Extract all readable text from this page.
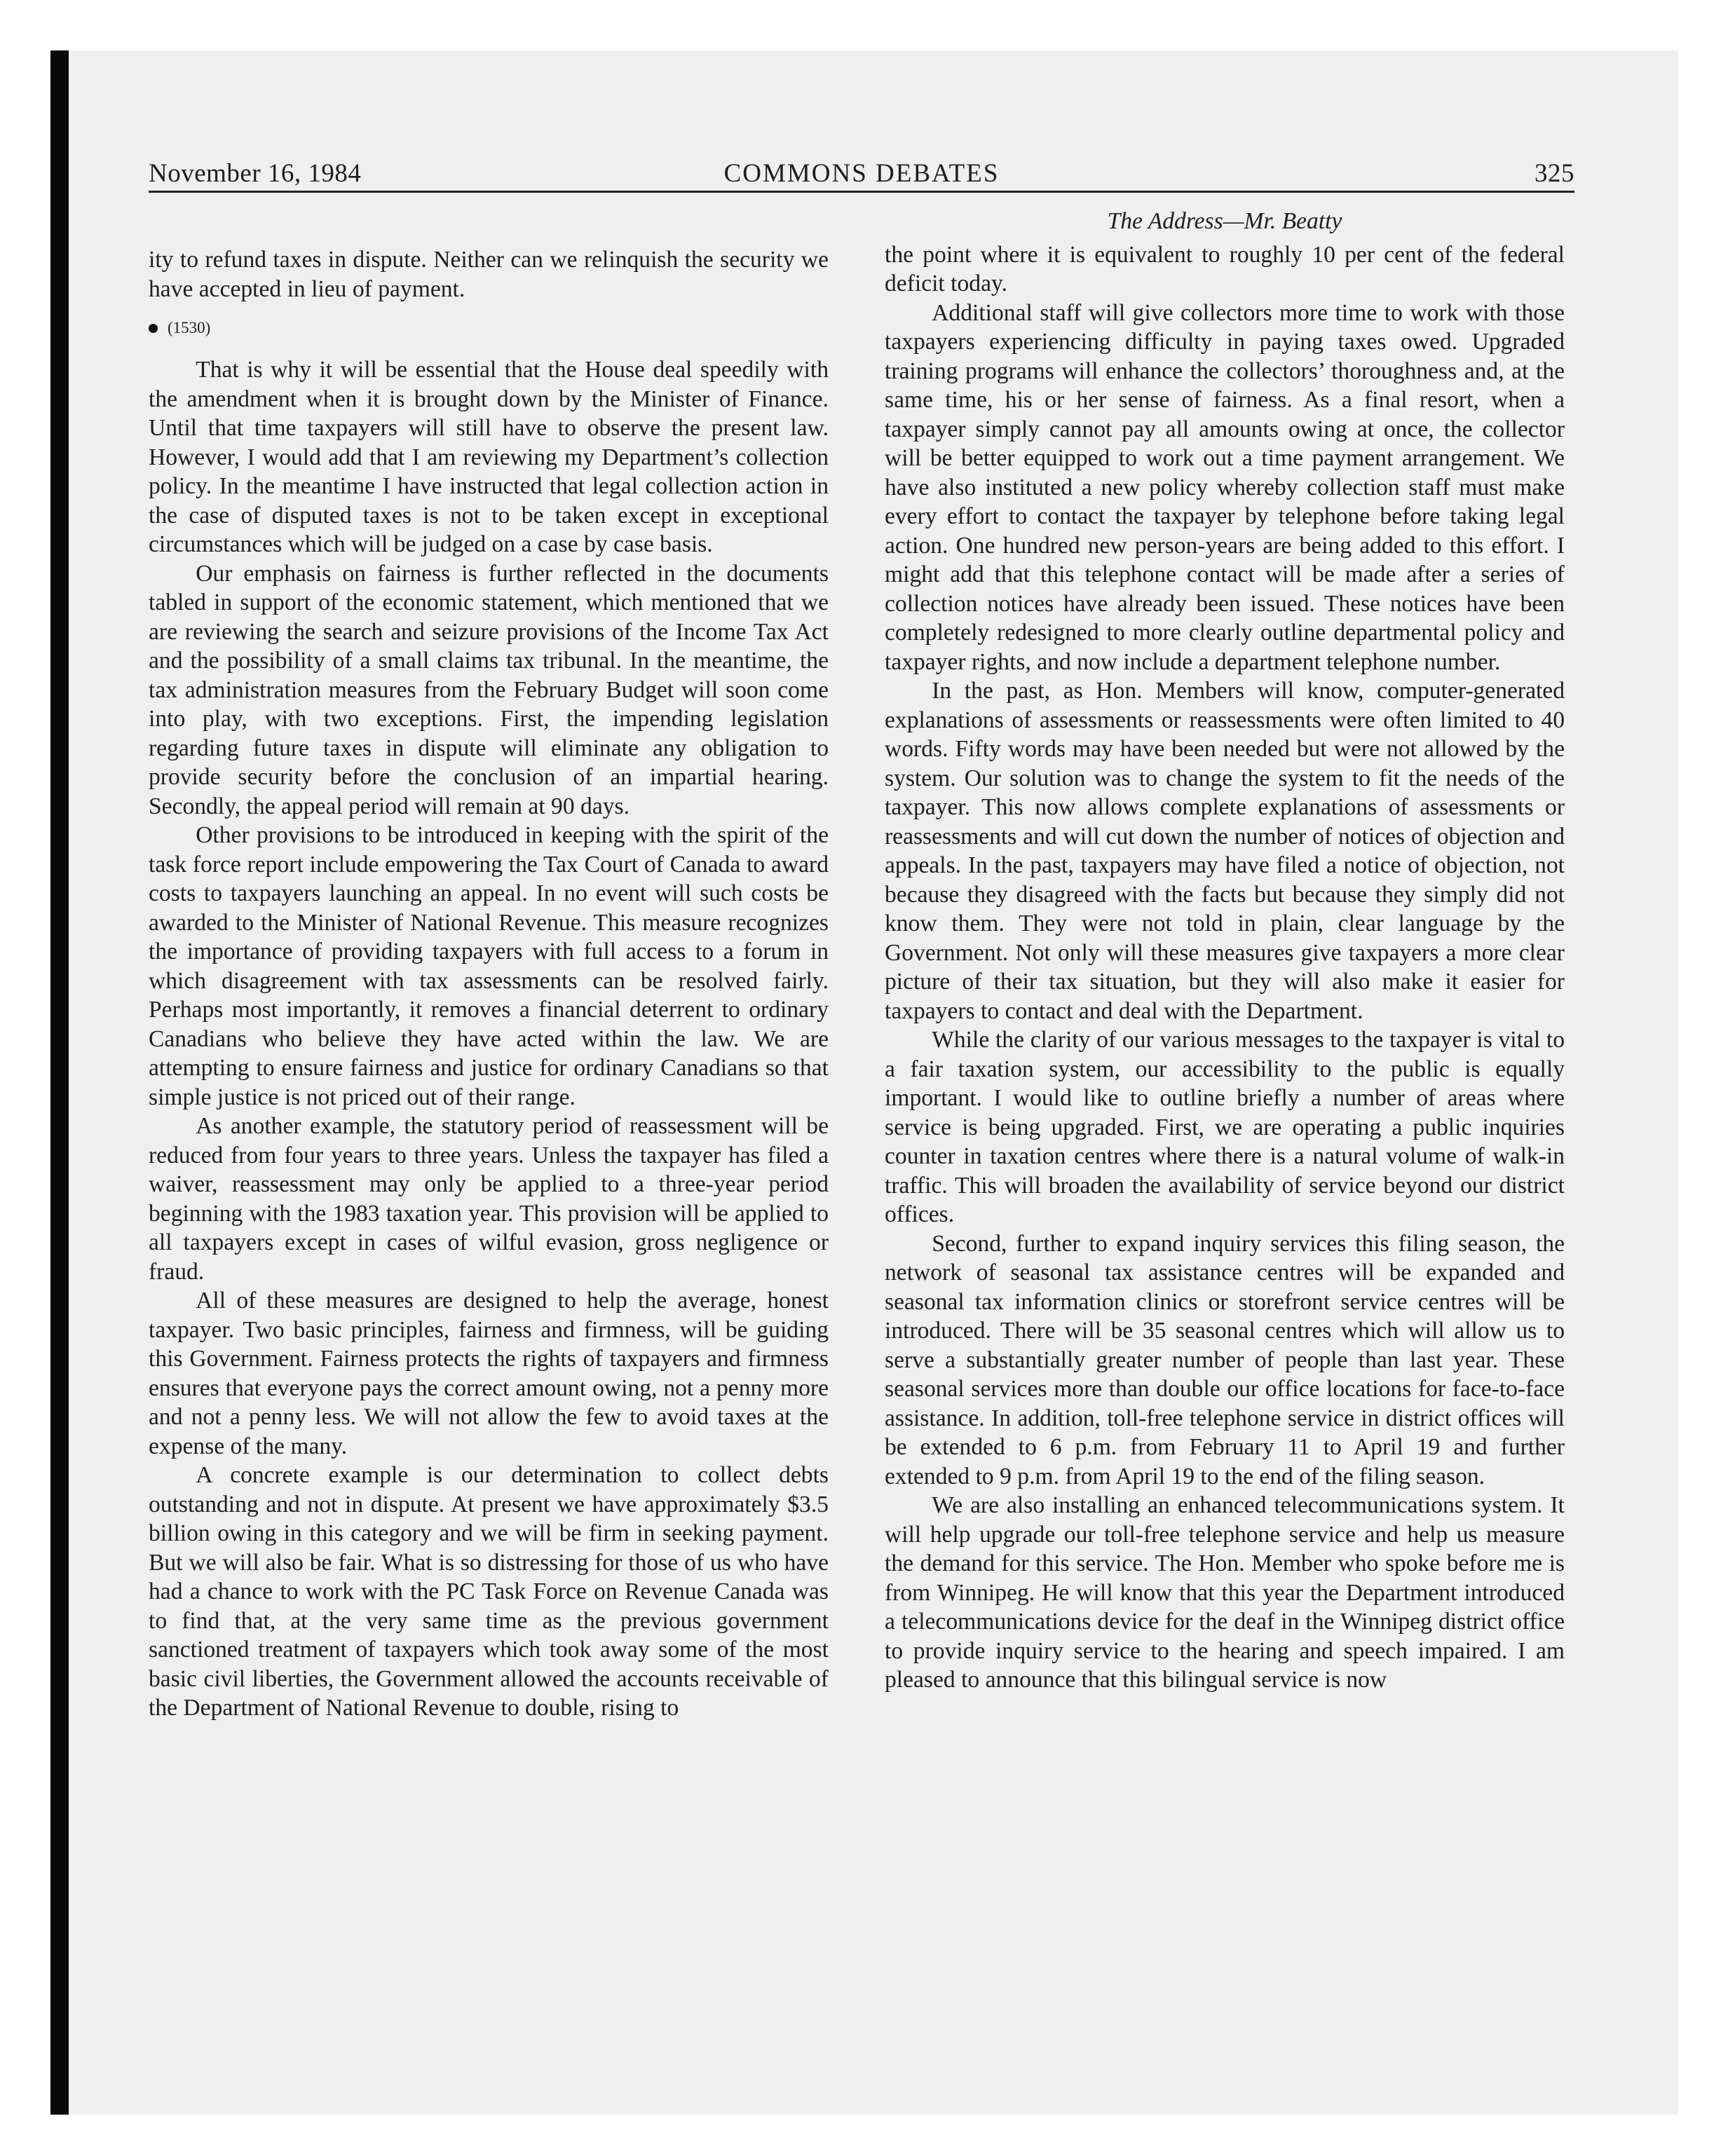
November 16, 1984	COMMONS DEBATES	325

ity to refund taxes in dispute. Neither can we relinquish the security we have accepted in lieu of payment.

(1530)

That is why it will be essential that the House deal speedily with the amendment when it is brought down by the Minister of Finance. Until that time taxpayers will still have to observe the present law. However, I would add that I am reviewing my Department’s collection policy. In the meantime I have instructed that legal collection action in the case of disputed taxes is not to be taken except in exceptional circumstances which will be judged on a case by case basis.

Our emphasis on fairness is further reflected in the documents tabled in support of the economic statement, which mentioned that we are reviewing the search and seizure provisions of the Income Tax Act and the possibility of a small claims tax tribunal. In the meantime, the tax administration measures from the February Budget will soon come into play, with two exceptions. First, the impending legislation regarding future taxes in dispute will eliminate any obligation to provide security before the conclusion of an impartial hearing. Secondly, the appeal period will remain at 90 days.

Other provisions to be introduced in keeping with the spirit of the task force report include empowering the Tax Court of Canada to award costs to taxpayers launching an appeal. In no event will such costs be awarded to the Minister of National Revenue. This measure recognizes the importance of providing taxpayers with full access to a forum in which disagreement with tax assessments can be resolved fairly. Perhaps most importantly, it removes a financial deterrent to ordinary Canadians who believe they have acted within the law. We are attempting to ensure fairness and justice for ordinary Canadians so that simple justice is not priced out of their range.

As another example, the statutory period of reassessment will be reduced from four years to three years. Unless the taxpayer has filed a waiver, reassessment may only be applied to a three-year period beginning with the 1983 taxation year. This provision will be applied to all taxpayers except in cases of wilful evasion, gross negligence or fraud.

All of these measures are designed to help the average, honest taxpayer. Two basic principles, fairness and firmness, will be guiding this Government. Fairness protects the rights of taxpayers and firmness ensures that everyone pays the correct amount owing, not a penny more and not a penny less. We will not allow the few to avoid taxes at the expense of the many.

A concrete example is our determination to collect debts outstanding and not in dispute. At present we have approximately $3.5 billion owing in this category and we will be firm in seeking payment. But we will also be fair. What is so distressing for those of us who have had a chance to work with the PC Task Force on Revenue Canada was to find that, at the very same time as the previous government sanctioned treatment of taxpayers which took away some of the most basic civil liberties, the Government allowed the accounts receivable of the Department of National Revenue to double, rising to

The Address—Mr. Beatty

the point where it is equivalent to roughly 10 per cent of the federal deficit today.

Additional staff will give collectors more time to work with those taxpayers experiencing difficulty in paying taxes owed. Upgraded training programs will enhance the collectors’ thoroughness and, at the same time, his or her sense of fairness. As a final resort, when a taxpayer simply cannot pay all amounts owing at once, the collector will be better equipped to work out a time payment arrangement. We have also instituted a new policy whereby collection staff must make every effort to contact the taxpayer by telephone before taking legal action. One hundred new person-years are being added to this effort. I might add that this telephone contact will be made after a series of collection notices have already been issued. These notices have been completely redesigned to more clearly outline departmental policy and taxpayer rights, and now include a department telephone number.

In the past, as Hon. Members will know, computer-generated explanations of assessments or reassessments were often limited to 40 words. Fifty words may have been needed but were not allowed by the system. Our solution was to change the system to fit the needs of the taxpayer. This now allows complete explanations of assessments or reassessments and will cut down the number of notices of objection and appeals. In the past, taxpayers may have filed a notice of objection, not because they disagreed with the facts but because they simply did not know them. They were not told in plain, clear language by the Government. Not only will these measures give taxpayers a more clear picture of their tax situation, but they will also make it easier for taxpayers to contact and deal with the Department.

While the clarity of our various messages to the taxpayer is vital to a fair taxation system, our accessibility to the public is equally important. I would like to outline briefly a number of areas where service is being upgraded. First, we are operating a public inquiries counter in taxation centres where there is a natural volume of walk-in traffic. This will broaden the availability of service beyond our district offices.

Second, further to expand inquiry services this filing season, the network of seasonal tax assistance centres will be expanded and seasonal tax information clinics or storefront service centres will be introduced. There will be 35 seasonal centres which will allow us to serve a substantially greater number of people than last year. These seasonal services more than double our office locations for face-to-face assistance. In addition, toll-free telephone service in district offices will be extended to 6 p.m. from February 11 to April 19 and further extended to 9 p.m. from April 19 to the end of the filing season.

We are also installing an enhanced telecommunications system. It will help upgrade our toll-free telephone service and help us measure the demand for this service. The Hon. Member who spoke before me is from Winnipeg. He will know that this year the Department introduced a telecommunications device for the deaf in the Winnipeg district office to provide inquiry service to the hearing and speech impaired. I am pleased to announce that this bilingual service is now
